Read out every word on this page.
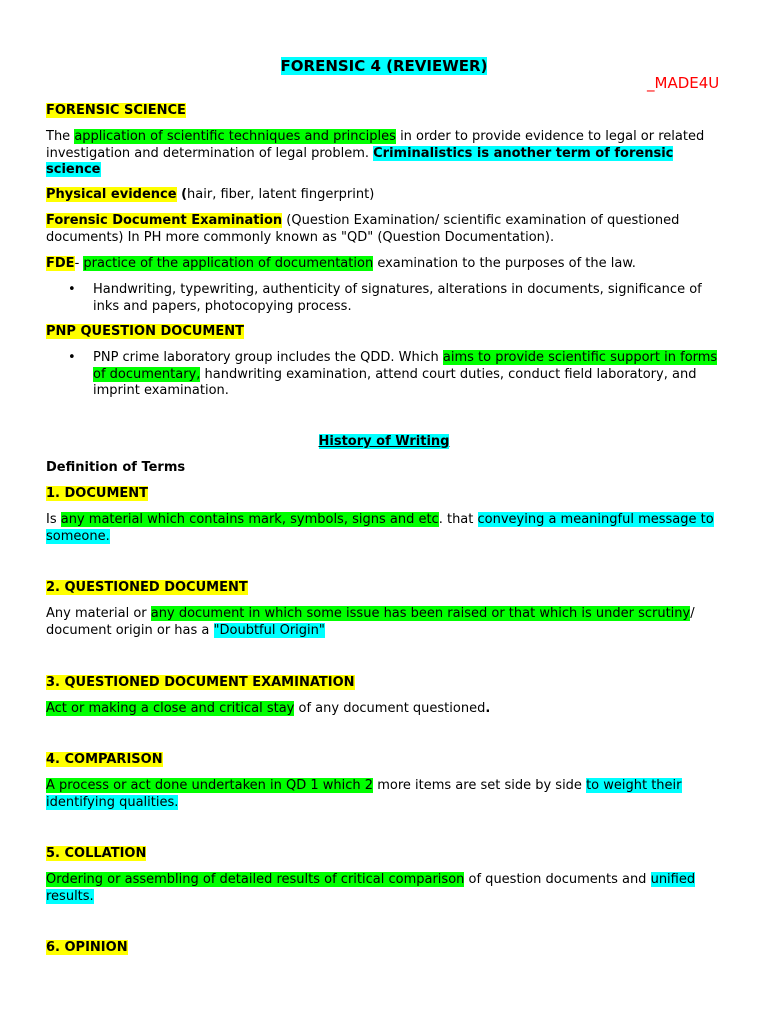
FORENSIC 4 (REVIEWER)
_MADE4U

FORENSIC SCIENCE

The application of scientific techniques and principles in order to provide evidence to legal or related investigation and determination of legal problem. Criminalistics is another term of forensic science

Physical evidence (hair, fiber, latent fingerprint)

Forensic Document Examination (Question Examination/ scientific examination of questioned documents) In PH more commonly known as "QD" (Question Documentation).

FDE- practice of the application of documentation examination to the purposes of the law.

• Handwriting, typewriting, authenticity of signatures, alterations in documents, significance of inks and papers, photocopying process.

PNP QUESTION DOCUMENT

• PNP crime laboratory group includes the QDD. Which aims to provide scientific support in forms of documentary, handwriting examination, attend court duties, conduct field laboratory, and imprint examination.

History of Writing

Definition of Terms

1. DOCUMENT

Is any material which contains mark, symbols, signs and etc. that conveying a meaningful message to someone.

2. QUESTIONED DOCUMENT

Any material or any document in which some issue has been raised or that which is under scrutiny/ document origin or has a "Doubtful Origin"

3. QUESTIONED DOCUMENT EXAMINATION

Act or making a close and critical stay of any document questioned.

4. COMPARISON

A process or act done undertaken in QD 1 which 2 more items are set side by side to weight their identifying qualities.

5. COLLATION

Ordering or assembling of detailed results of critical comparison of question documents and unified results.

6. OPINION
